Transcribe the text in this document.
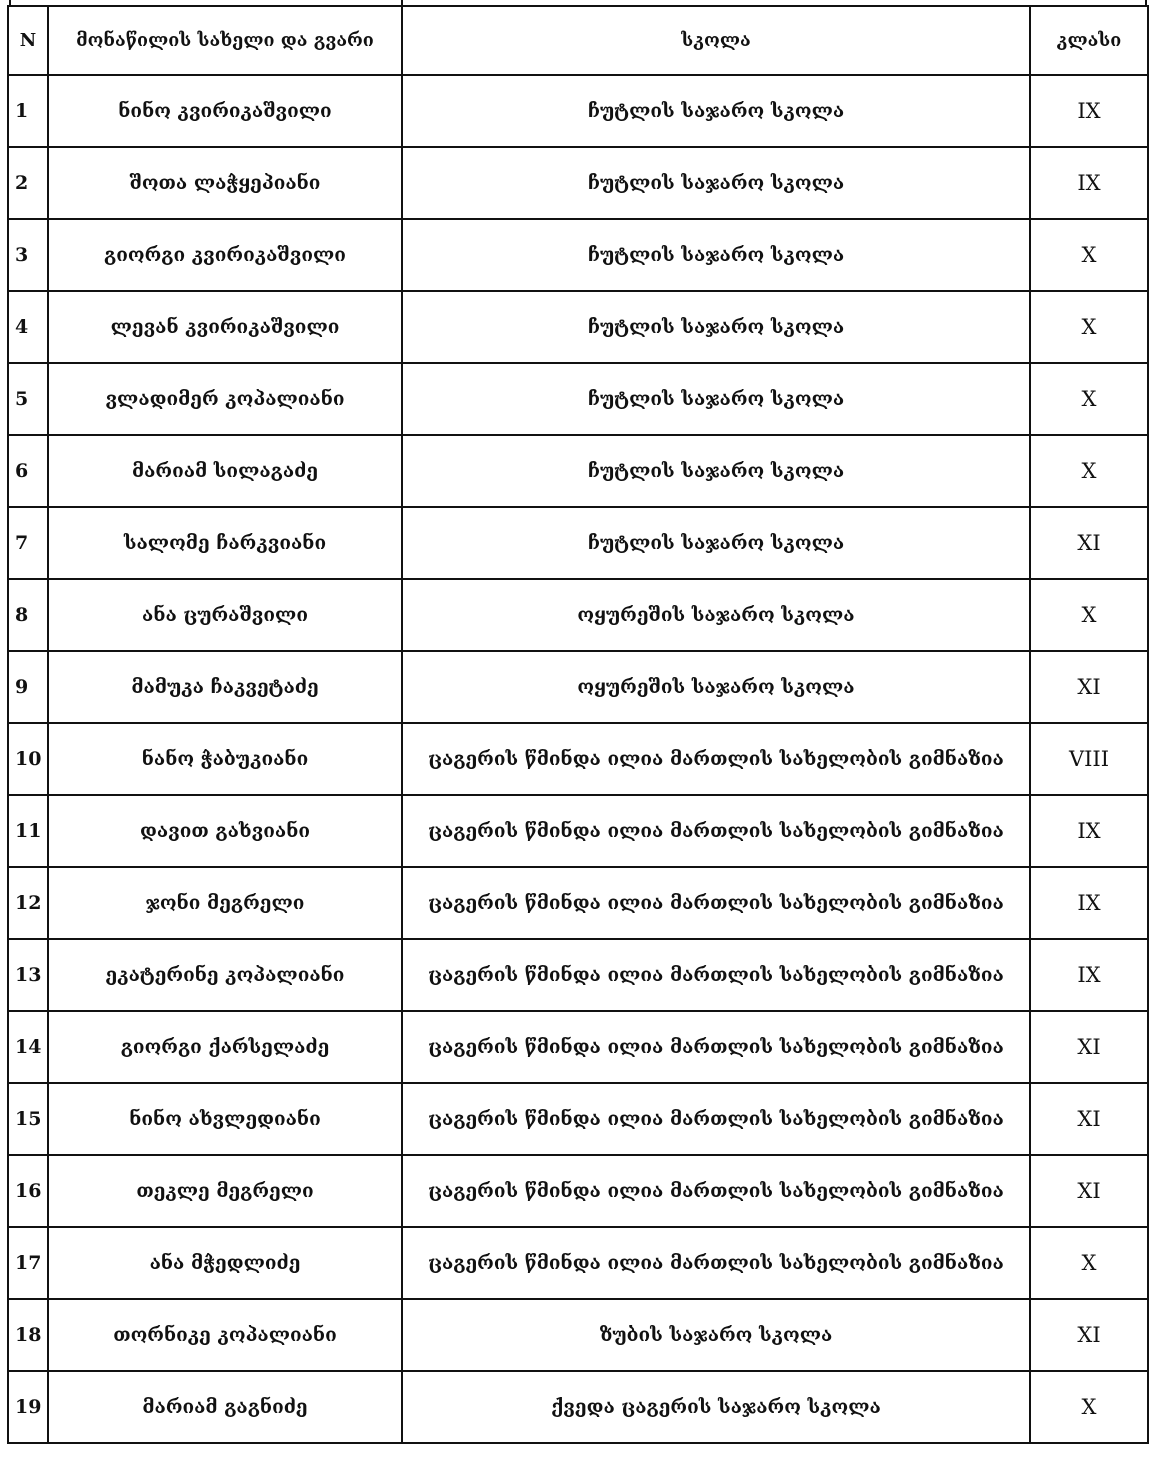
N	მონაწილის სახელი და გვარი	სკოლა	კლასი
1	ნინო კვირიკაშვილი	ჩუტლის საჯარო სკოლა	IX
2	შოთა ლაჭყეპიანი	ჩუტლის საჯარო სკოლა	IX
3	გიორგი კვირიკაშვილი	ჩუტლის საჯარო სკოლა	X
4	ლევან კვირიკაშვილი	ჩუტლის საჯარო სკოლა	X
5	ვლადიმერ კოპალიანი	ჩუტლის საჯარო სკოლა	X
6	მარიამ სილაგაძე	ჩუტლის საჯარო სკოლა	X
7	სალომე ჩარკვიანი	ჩუტლის საჯარო სკოლა	XI
8	ანა ცურაშვილი	ოყურეშის საჯარო სკოლა	X
9	მამუკა ჩაკვეტაძე	ოყურეშის საჯარო სკოლა	XI
10	ნანო ჭაბუკიანი	ცაგერის წმინდა ილია მართლის სახელობის გიმნაზია	VIII
11	დავით გახვიანი	ცაგერის წმინდა ილია მართლის სახელობის გიმნაზია	IX
12	ჯონი მეგრელი	ცაგერის წმინდა ილია მართლის სახელობის გიმნაზია	IX
13	ეკატერინე კოპალიანი	ცაგერის წმინდა ილია მართლის სახელობის გიმნაზია	IX
14	გიორგი ქარსელაძე	ცაგერის წმინდა ილია მართლის სახელობის გიმნაზია	XI
15	ნინო ახვლედიანი	ცაგერის წმინდა ილია მართლის სახელობის გიმნაზია	XI
16	თეკლე მეგრელი	ცაგერის წმინდა ილია მართლის სახელობის გიმნაზია	XI
17	ანა მჭედლიძე	ცაგერის წმინდა ილია მართლის სახელობის გიმნაზია	X
18	თორნიკე კოპალიანი	ზუბის საჯარო სკოლა	XI
19	მარიამ გაგნიძე	ქვედა ცაგერის საჯარო სკოლა	X
